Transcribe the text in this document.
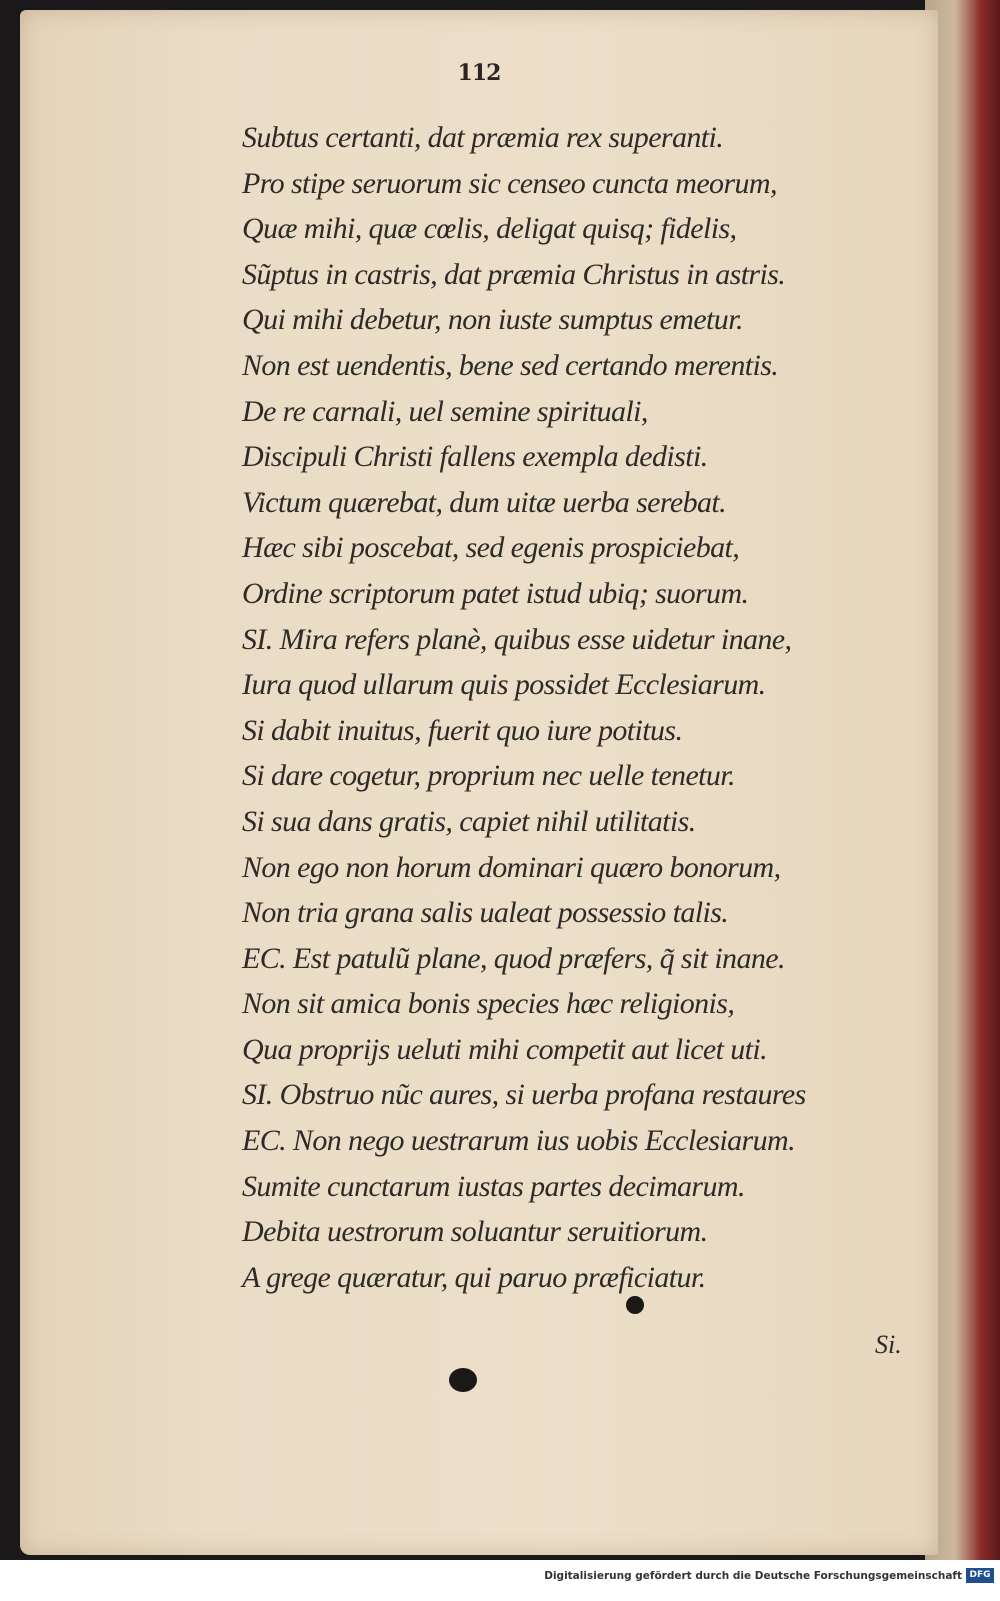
112
Subtus certanti, dat præmia rex superanti.
Pro stipe seruorum sic censeo cuncta meorum,
Quæ mihi, quæ cœlis, deligat quisq; fidelis,
Sũptus in castris, dat præmia Christus in astris.
Qui mihi debetur, non iuste sumptus emetur.
Non est uendentis, bene sed certando merentis.
De re carnali, uel semine spirituali,
Discipuli Christi fallens exempla dedisti.
Victum quærebat, dum uitæ uerba serebat.
Hæc sibi poscebat, sed egenis prospiciebat,
Ordine scriptorum patet istud ubiq; suorum.
SI. Mira refers planè, quibus esse uidetur inane,
Iura quod ullarum quis possidet Ecclesiarum.
Si dabit inuitus, fuerit quo iure potitus.
Si dare cogetur, proprium nec uelle tenetur.
Si sua dans gratis, capiet nihil utilitatis.
Non ego non horum dominari quæro bonorum,
Non tria grana salis ualeat possessio talis.
EC. Est patulũ plane, quod præfers, q̃ sit inane.
Non sit amica bonis species hæc religionis,
Qua proprijs ueluti mihi competit aut licet uti.
SI. Obstruo nũc aures, si uerba profana restaures
EC. Non nego uestrarum ius uobis Ecclesiarum.
Sumite cunctarum iustas partes decimarum.
Debita uestrorum soluantur seruitiorum.
A grege quæratur, qui paruo præficiatur.
Si.
Digitalisierung gefördert durch die Deutsche Forschungsgemeinschaft DFG
